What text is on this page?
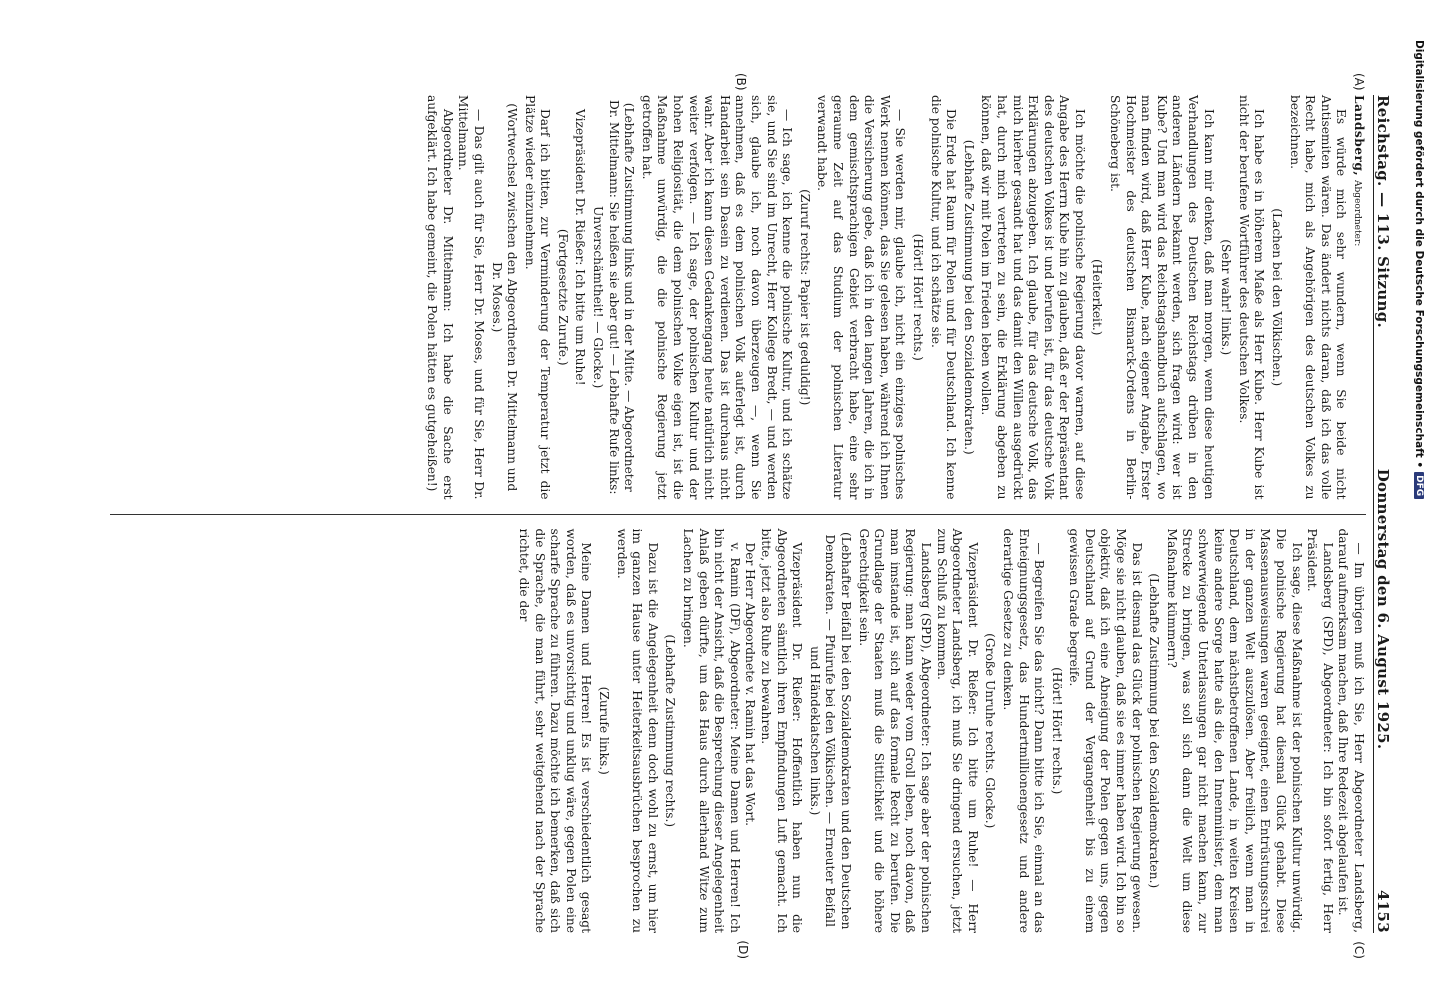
Reichstag. — 113. Sitzung.
Donnerstag den 6. August 1925.
4153

Landsberg, Abgeordneter:

Es würde mich sehr wundern, wenn Sie beide nicht Antisemiten wären. Das ändert nichts daran, daß ich das volle Recht habe, mich als Angehörigen des deutschen Volkes zu bezeichnen.

(Lachen bei den Völkischen.)

Ich habe es in höherem Maße als Herr Kube. Herr Kube ist nicht der berufene Wortführer des deutschen Volkes.

(Sehr wahr! links.)

Ich kann mir denken, daß man morgen, wenn diese heutigen Verhandlungen des Deutschen Reichstags drüben in den anderen Ländern bekannt werden, sich fragen wird: wer ist Kube? Und man wird das Reichstagshandbuch aufschlagen, wo man finden wird, daß Herr Kube, nach eigener Angabe, Erster Hochmeister des deutschen Bismarck-Ordens in Berlin-Schöneberg ist.

(Heiterkeit.)

Ich möchte die polnische Regierung davor warnen, auf diese Angabe des Herrn Kube hin zu glauben, daß er der Repräsentant des deutschen Volkes ist und berufen ist, für das deutsche Volk Erklärungen abzugeben. Ich glaube, für das deutsche Volk, das mich hierher gesandt hat und das damit den Willen ausgedrückt hat, durch mich vertreten zu sein, die Erklärung abgeben zu können, daß wir mit Polen im Frieden leben wollen.

(Lebhafte Zustimmung bei den Sozialdemokraten.)

Die Erde hat Raum für Polen und für Deutschland. Ich kenne die polnische Kultur, und ich schätze sie.

(Hört! Hört! rechts.)

— Sie werden mir, glaube ich, nicht ein einziges polnisches Werk nennen können, das Sie gelesen haben, während ich Ihnen die Versicherung gebe, daß ich in den langen Jahren, die ich in dem gemischtsprachigen Gebiet verbracht habe, eine sehr geraume Zeit auf das Studium der polnischen Literatur verwandt habe.

(Zuruf rechts: Papier ist geduldig!)

— Ich sage, ich kenne die polnische Kultur, und ich schätze sie, und Sie sind im Unrecht, Herr Kollege Bredt, — und werden sich, glaube ich, noch davon überzeugen —, wenn Sie annehmen, daß es dem polnischen Volk auferlegt ist, durch Handarbeit sein Dasein zu verdienen. Das ist durchaus nicht wahr. Aber ich kann diesen Gedankengang heute natürlich nicht weiter verfolgen. — Ich sage, der polnischen Kultur und der hohen Religiosität, die dem polnischen Volke eigen ist, ist die Maßnahme unwürdig, die die polnische Regierung jetzt getroffen hat.

(Lebhafte Zustimmung links und in der Mitte. — Abgeordneter Dr. Mittelmann: Sie heißen sie aber gut! — Lebhafte Rufe links: Unverschämtheit! — Glocke.)

Vizepräsident Dr. Rießer: Ich bitte um Ruhe!

(Fortgesetzte Zurufe.)

Darf ich bitten, zur Verminderung der Temperatur jetzt die Plätze wieder einzunehmen.

(Wortwechsel zwischen den Abgeordneten Dr. Mittelmann und Dr. Moses.)

— Das gilt auch für Sie, Herr Dr. Moses, und für Sie, Herr Dr. Mittelmann.

Abgeordneter Dr. Mittelmann: Ich habe die Sache erst aufgeklärt. Ich habe gemeint, die Polen hätten es gutgeheißen!)

— Im übrigen muß ich Sie, Herr Abgeordneter Landsberg, darauf aufmerksam machen, daß Ihre Redezeit abgelaufen ist.

Landsberg (SPD), Abgeordneter: Ich bin sofort fertig, Herr Präsident.

Ich sage, diese Maßnahme ist der polnischen Kultur unwürdig. Die polnische Regierung hat diesmal Glück gehabt. Diese Massenausweisungen waren geeignet, einen Entrüstungsschrei in der ganzen Welt auszulösen. Aber freilich, wenn man in Deutschland, dem nächstbetroffenen Lande, in weiten Kreisen keine andere Sorge hatte als die, den Innenminister, dem man schwerwiegende Unterlassungen gar nicht machen kann, zur Strecke zu bringen, was soll sich dann die Welt um diese Maßnahme kümmern?

(Lebhafte Zustimmung bei den Sozialdemokraten.)

Das ist diesmal das Glück der polnischen Regierung gewesen. Möge sie nicht glauben, daß sie es immer haben wird. Ich bin so objektiv, daß ich eine Abneigung der Polen gegen uns, gegen Deutschland auf Grund der Vergangenheit bis zu einem gewissen Grade begreife.

(Hört! Hört! rechts.)

— Begreifen Sie das nicht? Dann bitte ich Sie, einmal an das Enteignungsgesetz, das Hundertmillionengesetz und andere derartige Gesetze zu denken.

(Große Unruhe rechts. Glocke.)

Vizepräsident Dr. Rießer: Ich bitte um Ruhe! — Herr Abgeordneter Landsberg, ich muß Sie dringend ersuchen, jetzt zum Schluß zu kommen.

Landsberg (SPD), Abgeordneter: Ich sage aber der polnischen Regierung: man kann weder vom Groll leben, noch davon, daß man imstande ist, sich auf das formale Recht zu berufen. Die Grundlage der Staaten muß die Sittlichkeit und die höhere Gerechtigkeit sein.

(Lebhafter Beifall bei den Sozialdemokraten und den Deutschen Demokraten. — Pfuirufe bei den Völkischen. — Erneuter Beifall und Händeklatschen links.)

Vizepräsident Dr. Rießer: Hoffentlich haben nun die Abgeordneten sämtlich ihren Empfindungen Luft gemacht. Ich bitte, jetzt also Ruhe zu bewahren.

Der Herr Abgeordnete v. Ramin hat das Wort.

v. Ramin (DF), Abgeordneter: Meine Damen und Herren! Ich bin nicht der Ansicht, daß die Besprechung dieser Angelegenheit Anlaß geben dürfte, um das Haus durch allerhand Witze zum Lachen zu bringen.

(Lebhafte Zustimmung rechts.)

Dazu ist die Angelegenheit denn doch wohl zu ernst, um hier im ganzen Hause unter Heiterkeitsausbrüchen besprochen zu werden.

(Zurufe links.)

Meine Damen und Herren! Es ist verschiedentlich gesagt worden, daß es unvorsichtig und unklug wäre, gegen Polen eine scharfe Sprache zu führen. Dazu möchte ich bemerken, daß sich die Sprache, die man führt, sehr weitgehend nach der Sprache richtet, die der

(A)
(B)
(C)
(D)
Digitalisierung gefördert durch die Deutsche Forschungsgemeinschaft •
DFG
